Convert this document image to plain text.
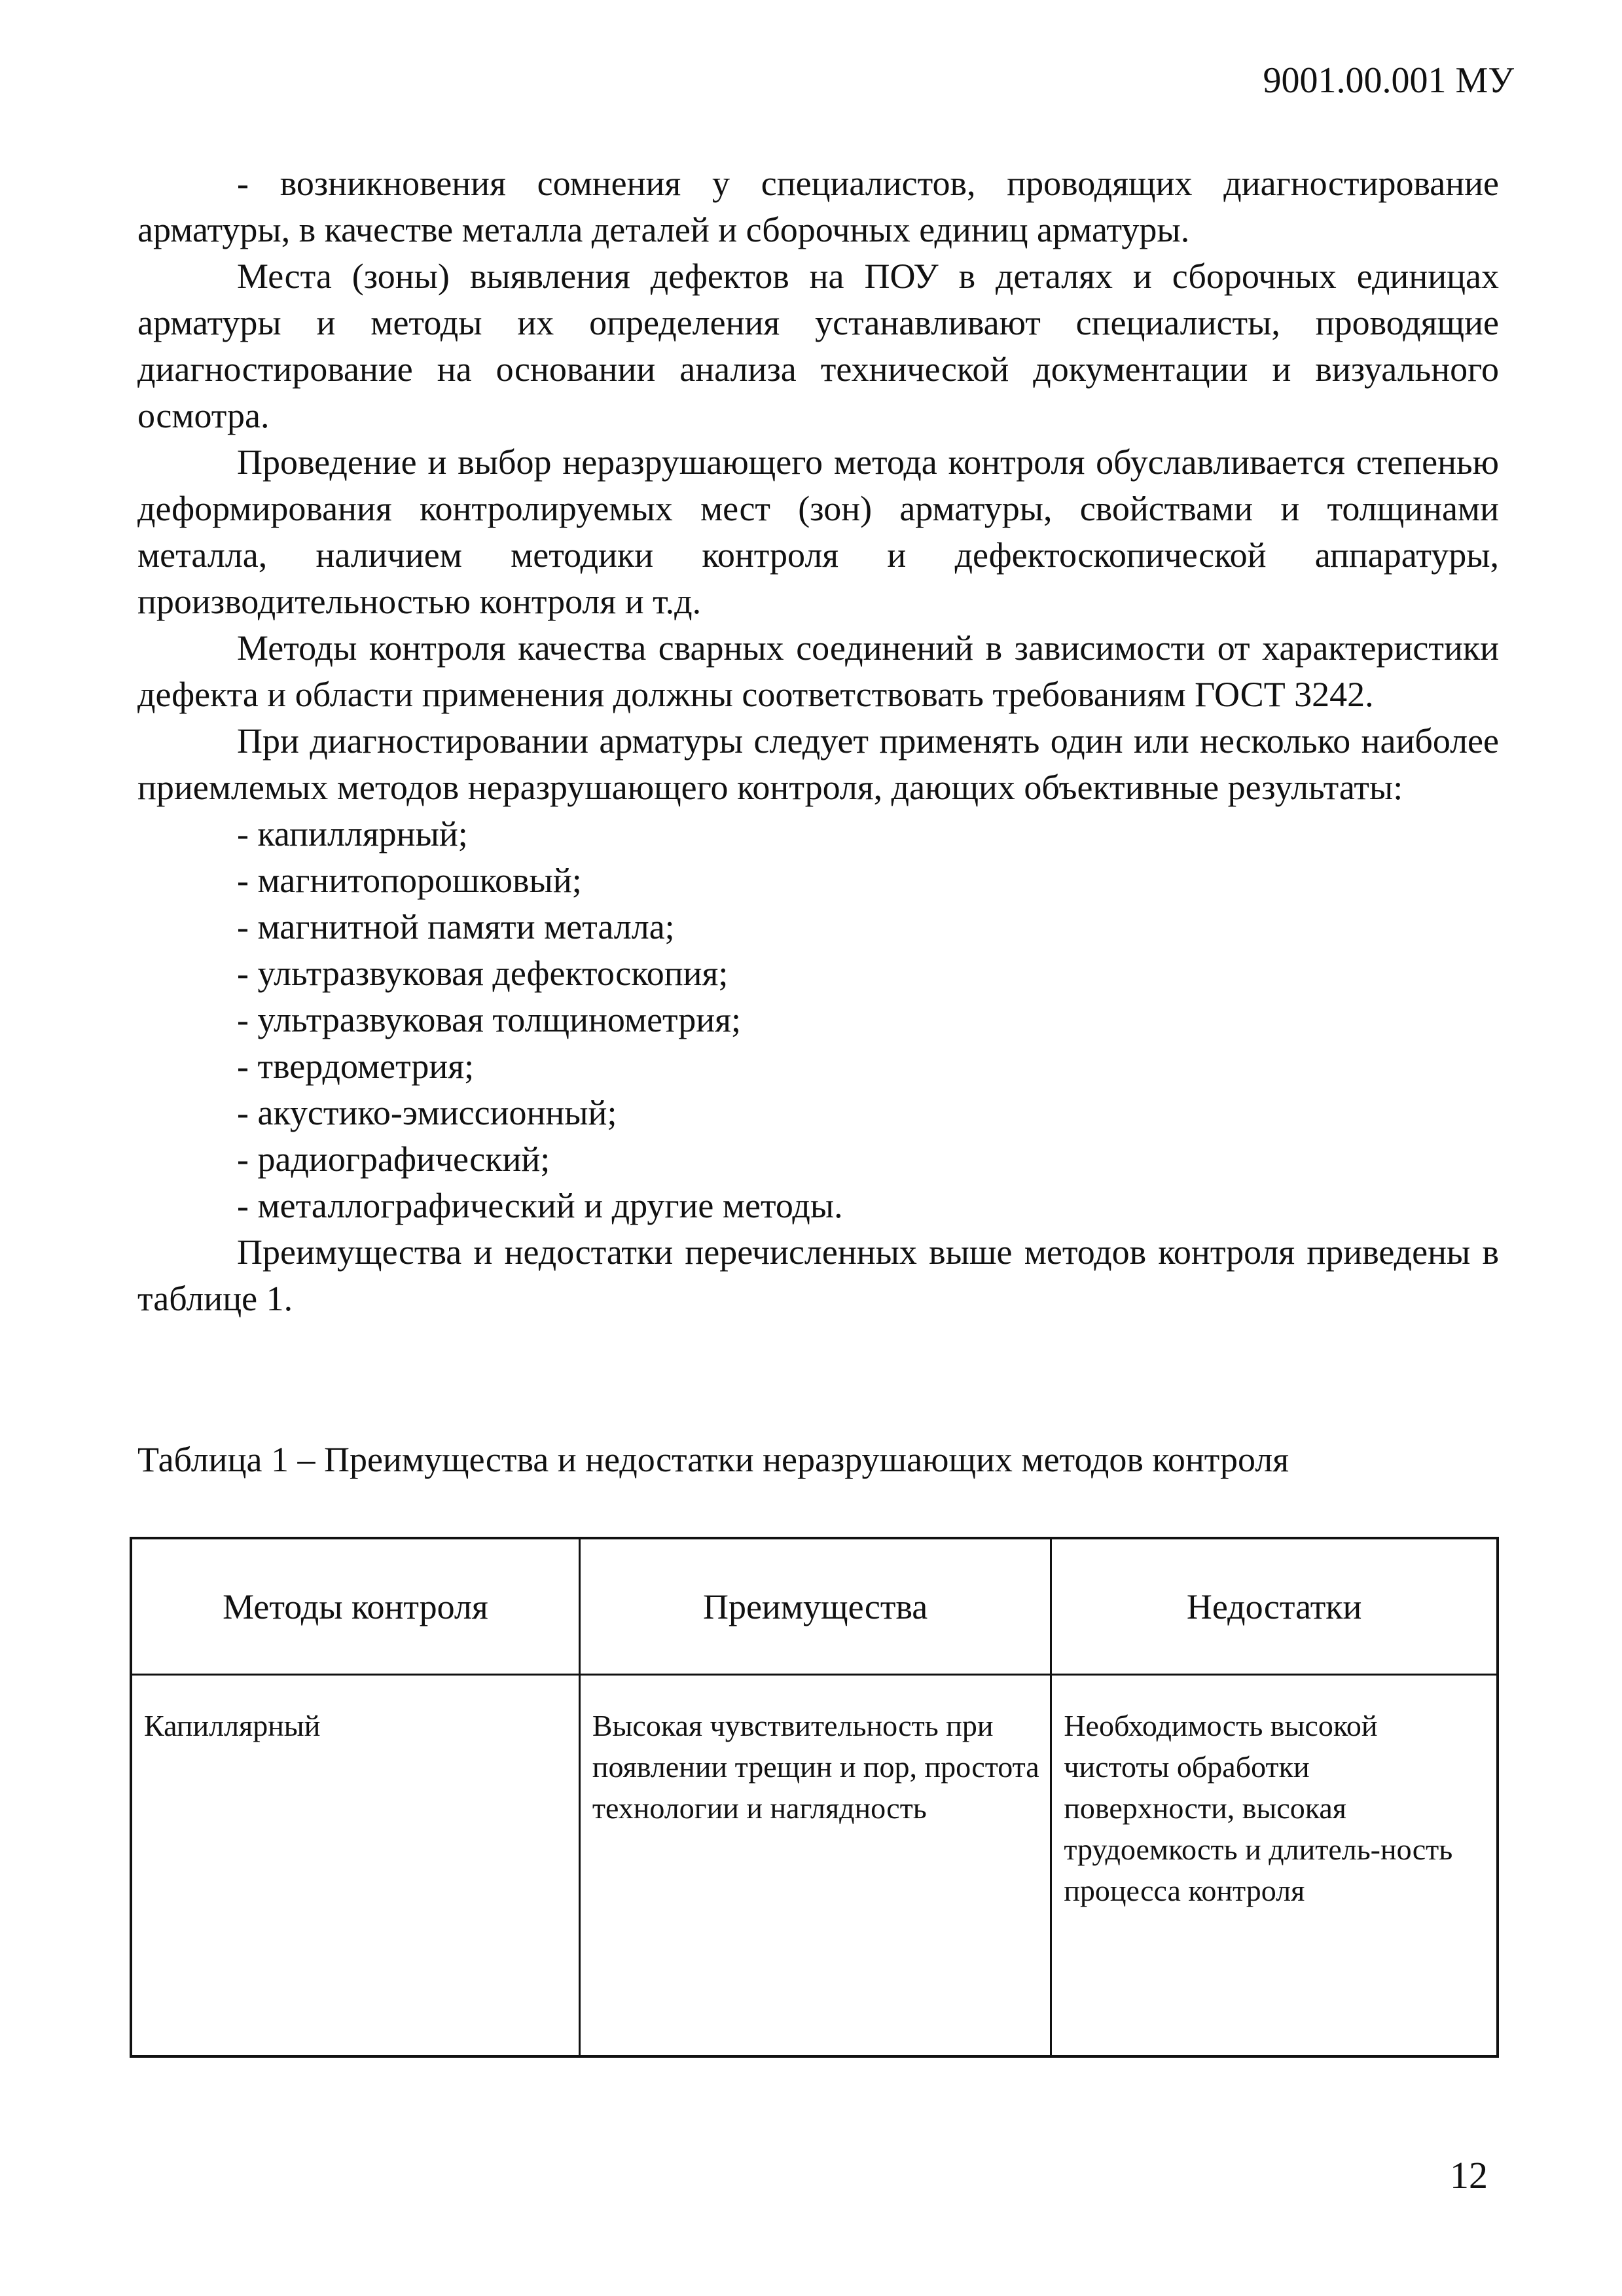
9001.00.001 МУ

- возникновения сомнения у специалистов, проводящих диагностирование арматуры, в качестве металла деталей и сборочных единиц арматуры.

Места (зоны) выявления дефектов на ПОУ в деталях и сборочных единицах арматуры и методы их определения устанавливают специалисты, проводящие диагностирование на основании анализа технической документации и визуального осмотра.

Проведение и выбор неразрушающего метода контроля обуславливается степенью деформирования контролируемых мест (зон) арматуры, свойствами и толщинами металла, наличием методики контроля и дефектоскопической аппаратуры, производительностью контроля и т.д.

Методы контроля качества сварных соединений в зависимости от характеристики дефекта и области применения должны соответствовать требованиям ГОСТ 3242.

При диагностировании арматуры следует применять один или несколько наиболее приемлемых методов неразрушающего контроля, дающих объективные результаты:

- капиллярный;
- магнитопорошковый;
- магнитной памяти металла;
- ультразвуковая дефектоскопия;
- ультразвуковая толщинометрия;
- твердометрия;
- акустико-эмиссионный;
- радиографический;
- металлографический и другие методы.

Преимущества и недостатки перечисленных выше методов контроля приведены в таблице 1.

Таблица 1 – Преимущества и недостатки неразрушающих методов контроля
Методы контроля	Преимущества	Недостатки
Капиллярный	Высокая чувствительность при появлении трещин и пор, простота технологии и наглядность	Необходимость высокой чистоты обработки поверхности, высокая трудоемкость и длитель-ность процесса контроля
12
